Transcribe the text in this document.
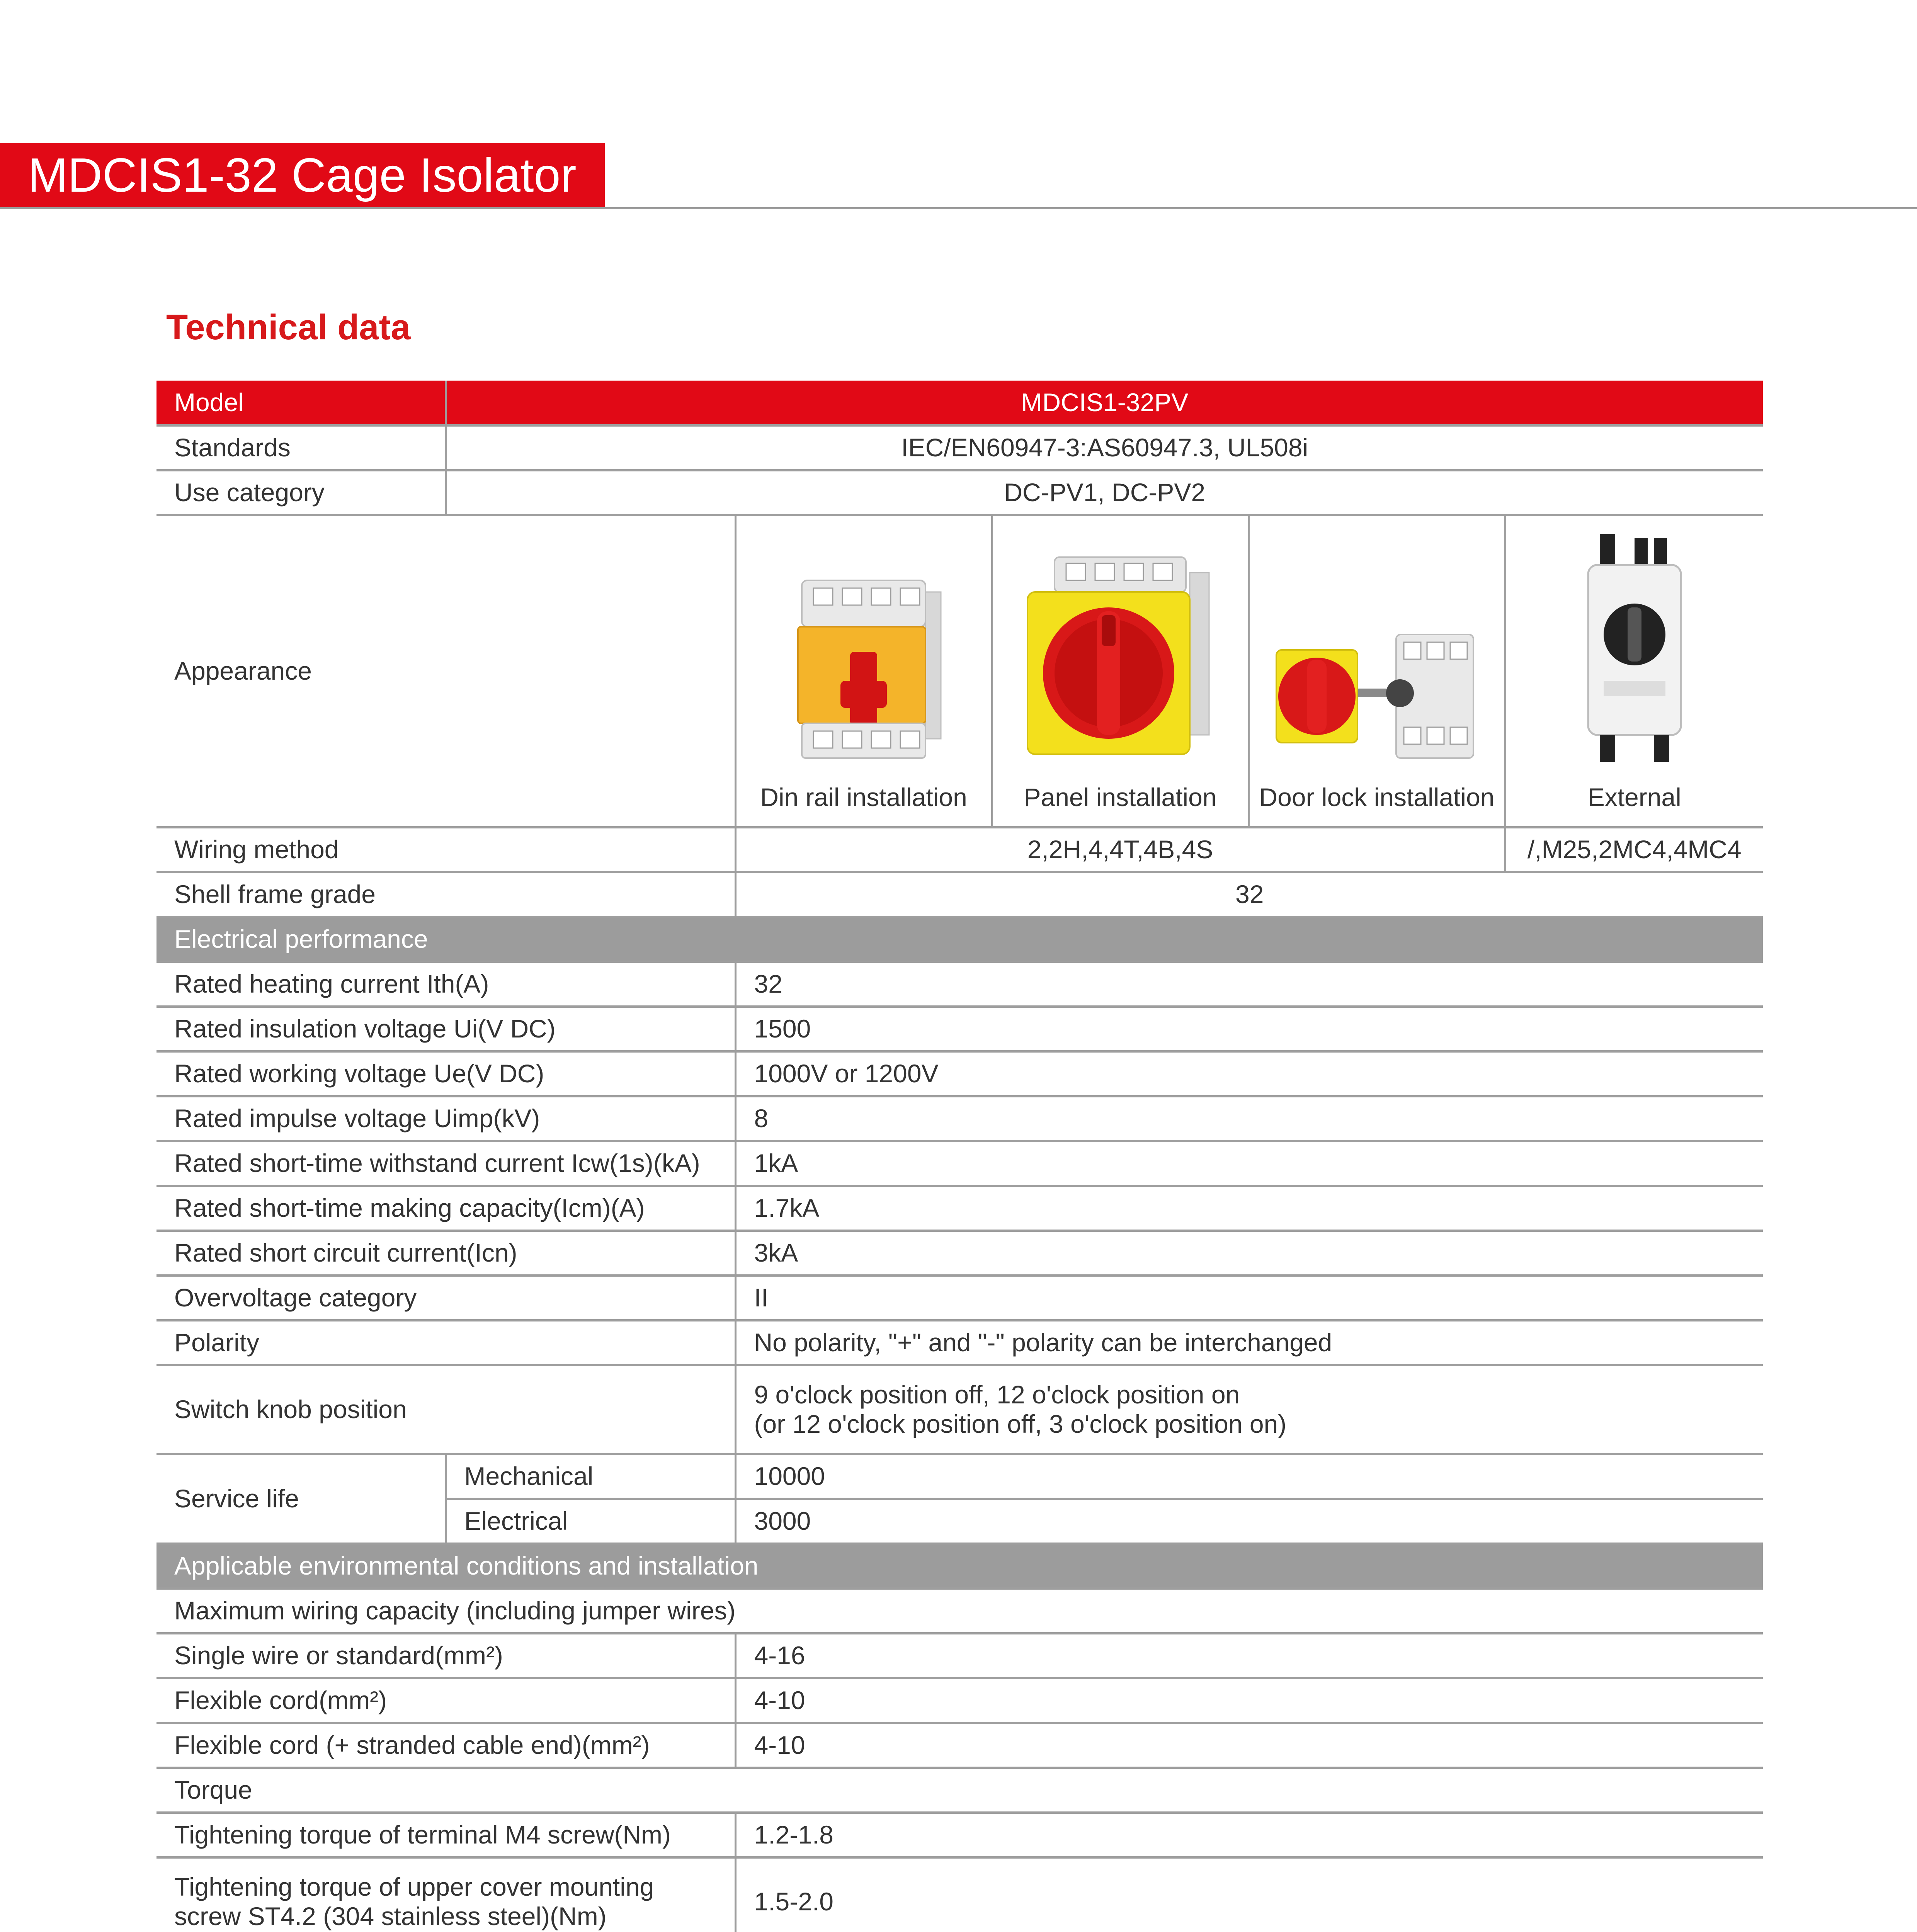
MDCIS1-32 Cage Isolator
Technical data
Model	MDCIS1-32PV				
Standards	IEC/EN60947-3:AS60947.3, UL508i				
Use category	DC-PV1, DC-PV2				
Appearance		Din rail installation	Panel installation	Door lock installation	External

Wiring method		2,2H,4,4T,4B,4S			/,M25,2MC4,4MC4
Shell frame grade		32			
Electrical performance					
Rated heating current Ith(A)		32			
Rated insulation voltage Ui(V DC)		1500			
Rated working voltage Ue(V DC)		1000V or 1200V			
Rated impulse voltage Uimp(kV)		8			
Rated short-time withstand current Icw(1s)(kA)		1kA			
Rated short-time making capacity(Icm)(A)		1.7kA			
Rated short circuit current(Icn)		3kA			
Overvoltage category		II			
Polarity		No polarity, "+" and "-" polarity can be interchanged			
Switch knob position		9 o'clock position off, 12 o'clock position on
(or 12 o'clock position off, 3 o'clock position on)			

Service life	Mechanical	10000			
	Electrical	3000			
Applicable environmental conditions and installation					
Maximum wiring capacity (including jumper wires)					
Single wire or standard(mm²)		4-16			
Flexible cord(mm²)		4-10			
Flexible cord (+ stranded cable end)(mm²)		4-10			
Torque					
Tightening torque of terminal M4 screw(Nm)		1.2-1.8			

Tightening torque of upper cover mounting
screw ST4.2 (304 stainless steel)(Nm)		1.5-2.0			
